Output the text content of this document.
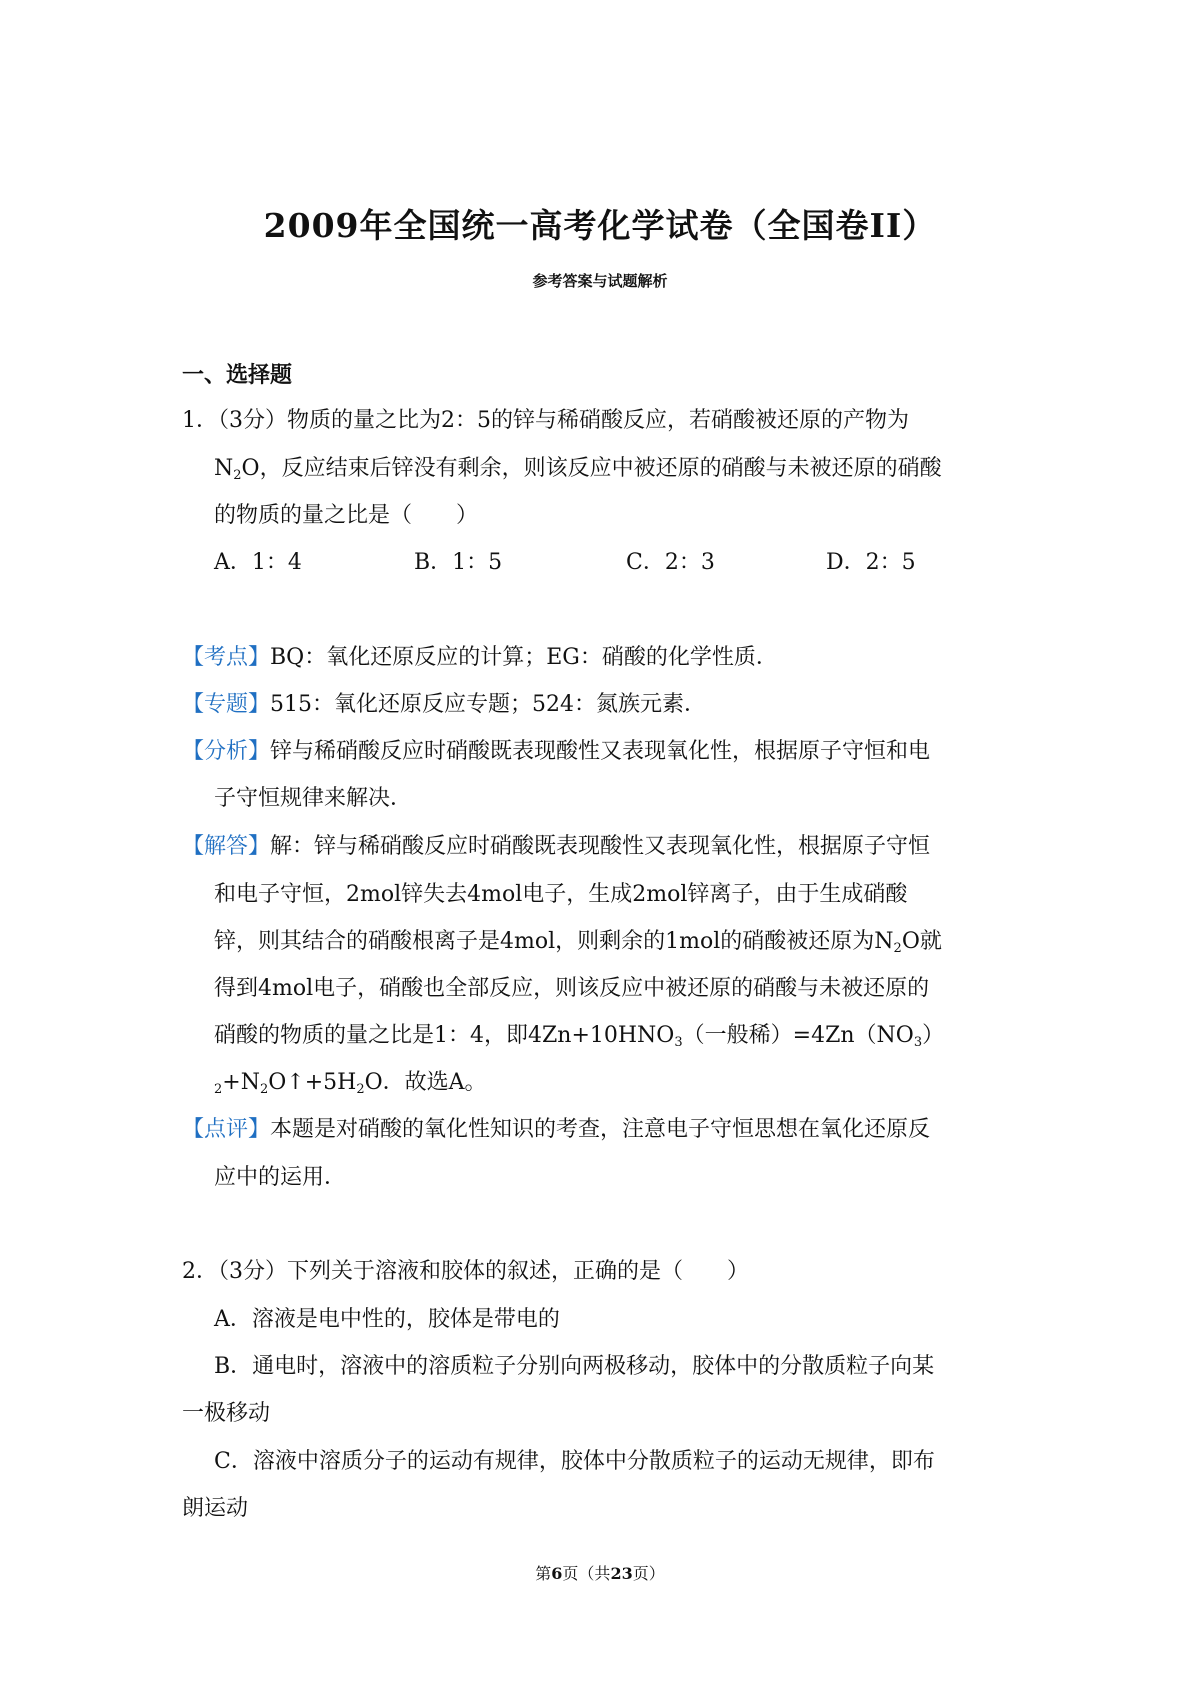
2009年全国统一高考化学试卷（全国卷II）
参考答案与试题解析
一、选择题
1．（3分）物质的量之比为2：5的锌与稀硝酸反应，若硝酸被还原的产物为
$N_2O$，反应结束后锌没有剩余，则该反应中被还原的硝酸与未被还原的硝酸
的物质的量之比是（　　）
A．1：4	B．1：5	C．2：3	D．2：5
【考点】BQ：氧化还原反应的计算；EG：硝酸的化学性质．
【专题】515：氧化还原反应专题；524：氮族元素．
【分析】锌与稀硝酸反应时硝酸既表现酸性又表现氧化性，根据原子守恒和电
子守恒规律来解决．
【解答】解：锌与稀硝酸反应时硝酸既表现酸性又表现氧化性，根据原子守恒
和电子守恒，2mol锌失去4mol电子，生成2mol锌离子，由于生成硝酸
锌，则其结合的硝酸根离子是4mol，则剩余的1mol的硝酸被还原为$N_2O$就
得到4mol电子，硝酸也全部反应，则该反应中被还原的硝酸与未被还原的
硝酸的物质的量之比是1：4，即$4Zn+10HNO_3$（一般稀）$=4Zn(NO_3)$
$_2+N_2O↑+5H_2O$．故选A。
【点评】本题是对硝酸的氧化性知识的考查，注意电子守恒思想在氧化还原反
应中的运用．
2．（3分）下列关于溶液和胶体的叙述，正确的是（　　）
A．溶液是电中性的，胶体是带电的
B．通电时，溶液中的溶质粒子分别向两极移动，胶体中的分散质粒子向某
一极移动
C．溶液中溶质分子的运动有规律，胶体中分散质粒子的运动无规律，即布
朗运动
第6页（共23页）
